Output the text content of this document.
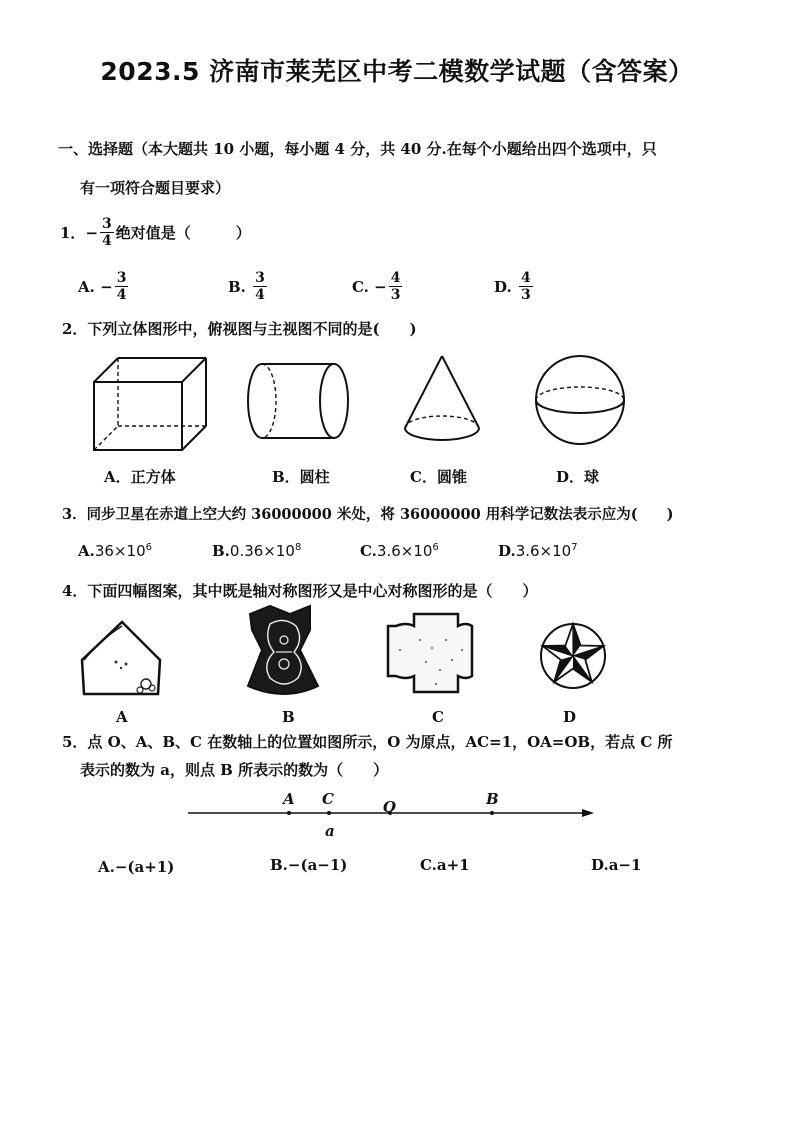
2023.5 济南市莱芜区中考二模数学试题（含答案）
一、选择题（本大题共 10 小题，每小题 4 分，共 40 分.在每个小题给出四个选项中，只
有一项符合题目要求）
1． − $\frac{3}{4}$ 绝对值是（　　　）
A.
− $\frac{3}{4}$	B.
$\frac{3}{4}$	C.
− $\frac{4}{3}$	D.
$\frac{4}{3}$
2．下列立体图形中，俯视图与主视图不同的是(　　)
A．正方体	B．圆柱	C．圆锥	D．球
3．同步卫星在赤道上空大约 36000000 米处，将 36000000 用科学记数法表示应为(　　)
$A.36\times 10^6$	$B.0.36\times 10^8$	$C.3.6\times 10^6$	$D.3.6\times 10^7$
4．下面四幅图案，其中既是轴对称图形又是中心对称图形的是（　　）
A	B	C	D
5．点 O、A、B、C 在数轴上的位置如图所示，O 为原点，AC=1，OA=OB，若点 C 所
表示的数为 a，则点 B 所表示的数为（　　）
A C	O	B
a
A.−(a+1)	B.−(a−1)	C.a+1	D.a−1
